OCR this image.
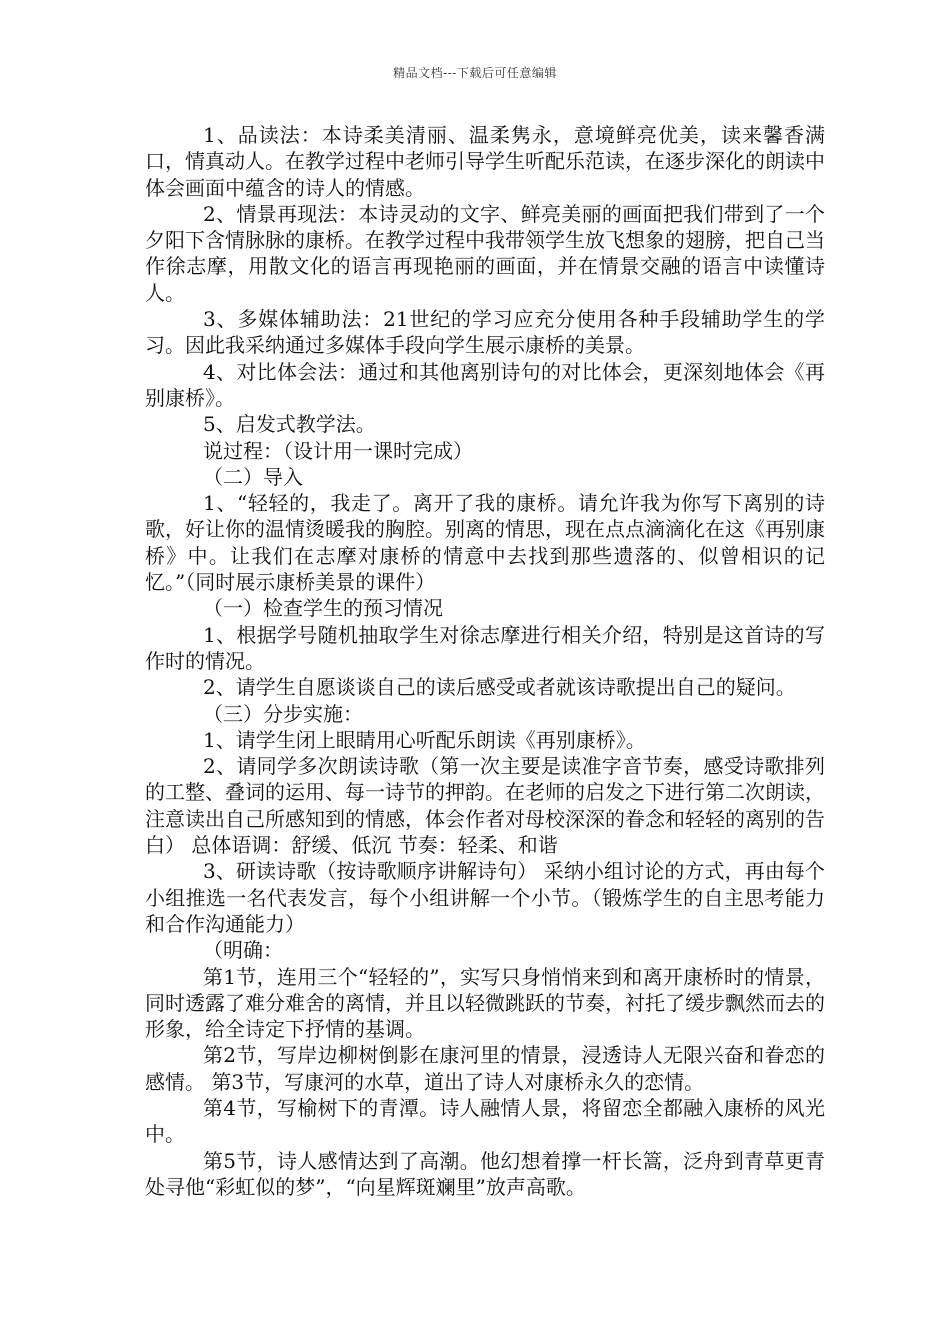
精品文档---下载后可任意编辑

1、品读法：本诗柔美清丽、温柔隽永，意境鲜亮优美，读来馨香满口，情真动人。在教学过程中老师引导学生听配乐范读，在逐步深化的朗读中体会画面中蕴含的诗人的情感。

2、情景再现法：本诗灵动的文字、鲜亮美丽的画面把我们带到了一个夕阳下含情脉脉的康桥。在教学过程中我带领学生放飞想象的翅膀，把自己当作徐志摩，用散文化的语言再现艳丽的画面，并在情景交融的语言中读懂诗人。

3、多媒体辅助法：21世纪的学习应充分使用各种手段辅助学生的学习。因此我采纳通过多媒体手段向学生展示康桥的美景。

4、对比体会法：通过和其他离别诗句的对比体会，更深刻地体会《再别康桥》。

5、启发式教学法。

说过程：（设计用一课时完成）

（二）导入

1、“轻轻的，我走了。离开了我的康桥。请允许我为你写下离别的诗歌，好让你的温情烫暖我的胸腔。别离的情思，现在点点滴滴化在这《再别康桥》中。让我们在志摩对康桥的情意中去找到那些遗落的、似曾相识的记忆。”（同时展示康桥美景的课件）

（一）检查学生的预习情况

1、根据学号随机抽取学生对徐志摩进行相关介绍，特别是这首诗的写作时的情况。

2、请学生自愿谈谈自己的读后感受或者就该诗歌提出自己的疑问。

（三）分步实施：

1、请学生闭上眼睛用心听配乐朗读《再别康桥》。

2、请同学多次朗读诗歌（第一次主要是读准字音节奏，感受诗歌排列的工整、叠词的运用、每一诗节的押韵。在老师的启发之下进行第二次朗读，注意读出自己所感知到的情感，体会作者对母校深深的眷念和轻轻的离别的告白） 总体语调：舒缓、低沉 节奏：轻柔、和谐

3、研读诗歌（按诗歌顺序讲解诗句） 采纳小组讨论的方式，再由每个小组推选一名代表发言，每个小组讲解一个小节。（锻炼学生的自主思考能力和合作沟通能力）

（明确：

第1节，连用三个“轻轻的”，实写只身悄悄来到和离开康桥时的情景，同时透露了难分难舍的离情，并且以轻微跳跃的节奏，衬托了缓步飘然而去的形象，给全诗定下抒情的基调。

第2节，写岸边柳树倒影在康河里的情景，浸透诗人无限兴奋和眷恋的感情。 第3节，写康河的水草，道出了诗人对康桥永久的恋情。

第4节，写榆树下的青潭。诗人融情人景，将留恋全都融入康桥的风光中。

第5节，诗人感情达到了高潮。他幻想着撑一杆长篙，泛舟到青草更青处寻他“彩虹似的梦”，“向星辉斑斓里”放声高歌。
